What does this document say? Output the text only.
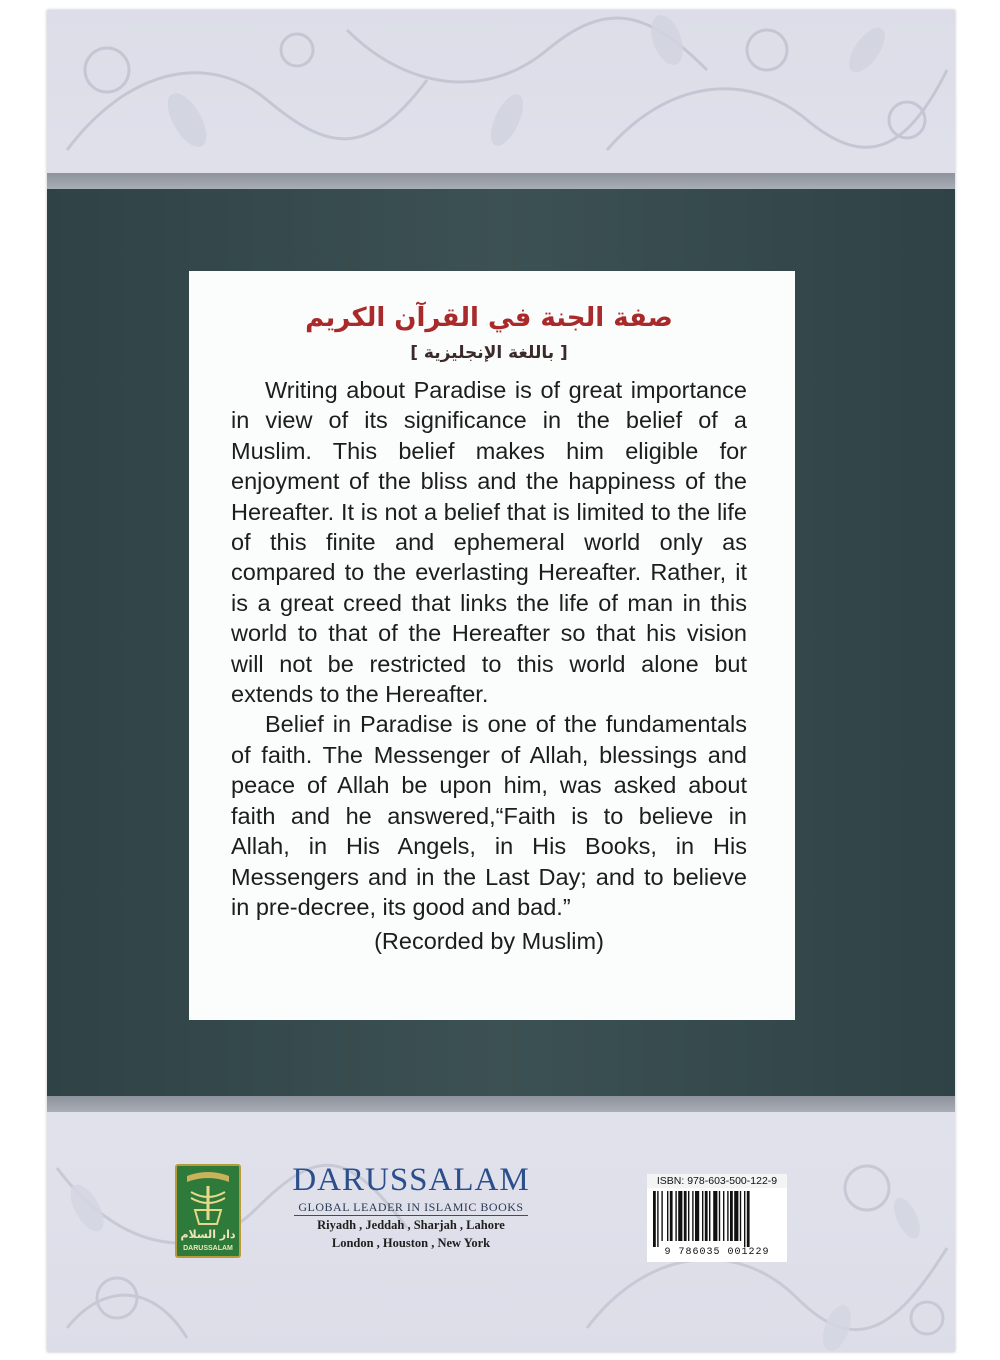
صفة الجنة في القرآن الكريم

[ باللغة الإنجليزية ]

Writing about Paradise is of great importance in view of its significance in the belief of a Muslim. This belief makes him eligible for enjoyment of the bliss and the happiness of the Hereafter. It is not a belief that is limited to the life of this finite and ephemeral world only as compared to the everlasting Hereafter. Rather, it is a great creed that links the life of man in this world to that of the Hereafter so that his vision will not be restricted to this world alone but extends to the Hereafter.

Belief in Paradise is one of the fundamentals of faith. The Messenger of Allah, blessings and peace of Allah be upon him, was asked about faith and he answered,“Faith is to believe in Allah, in His Angels, in His Books, in His Messengers and in the Last Day; and to believe in pre-decree, its good and bad.”

(Recorded by Muslim)

دار السلام
DARUSSALAM
DARUSSALAM
GLOBAL LEADER IN ISLAMIC BOOKS
Riyadh , Jeddah , Sharjah , Lahore
London , Houston , New York
ISBN: 978-603-500-122-9
9 786035 001229
